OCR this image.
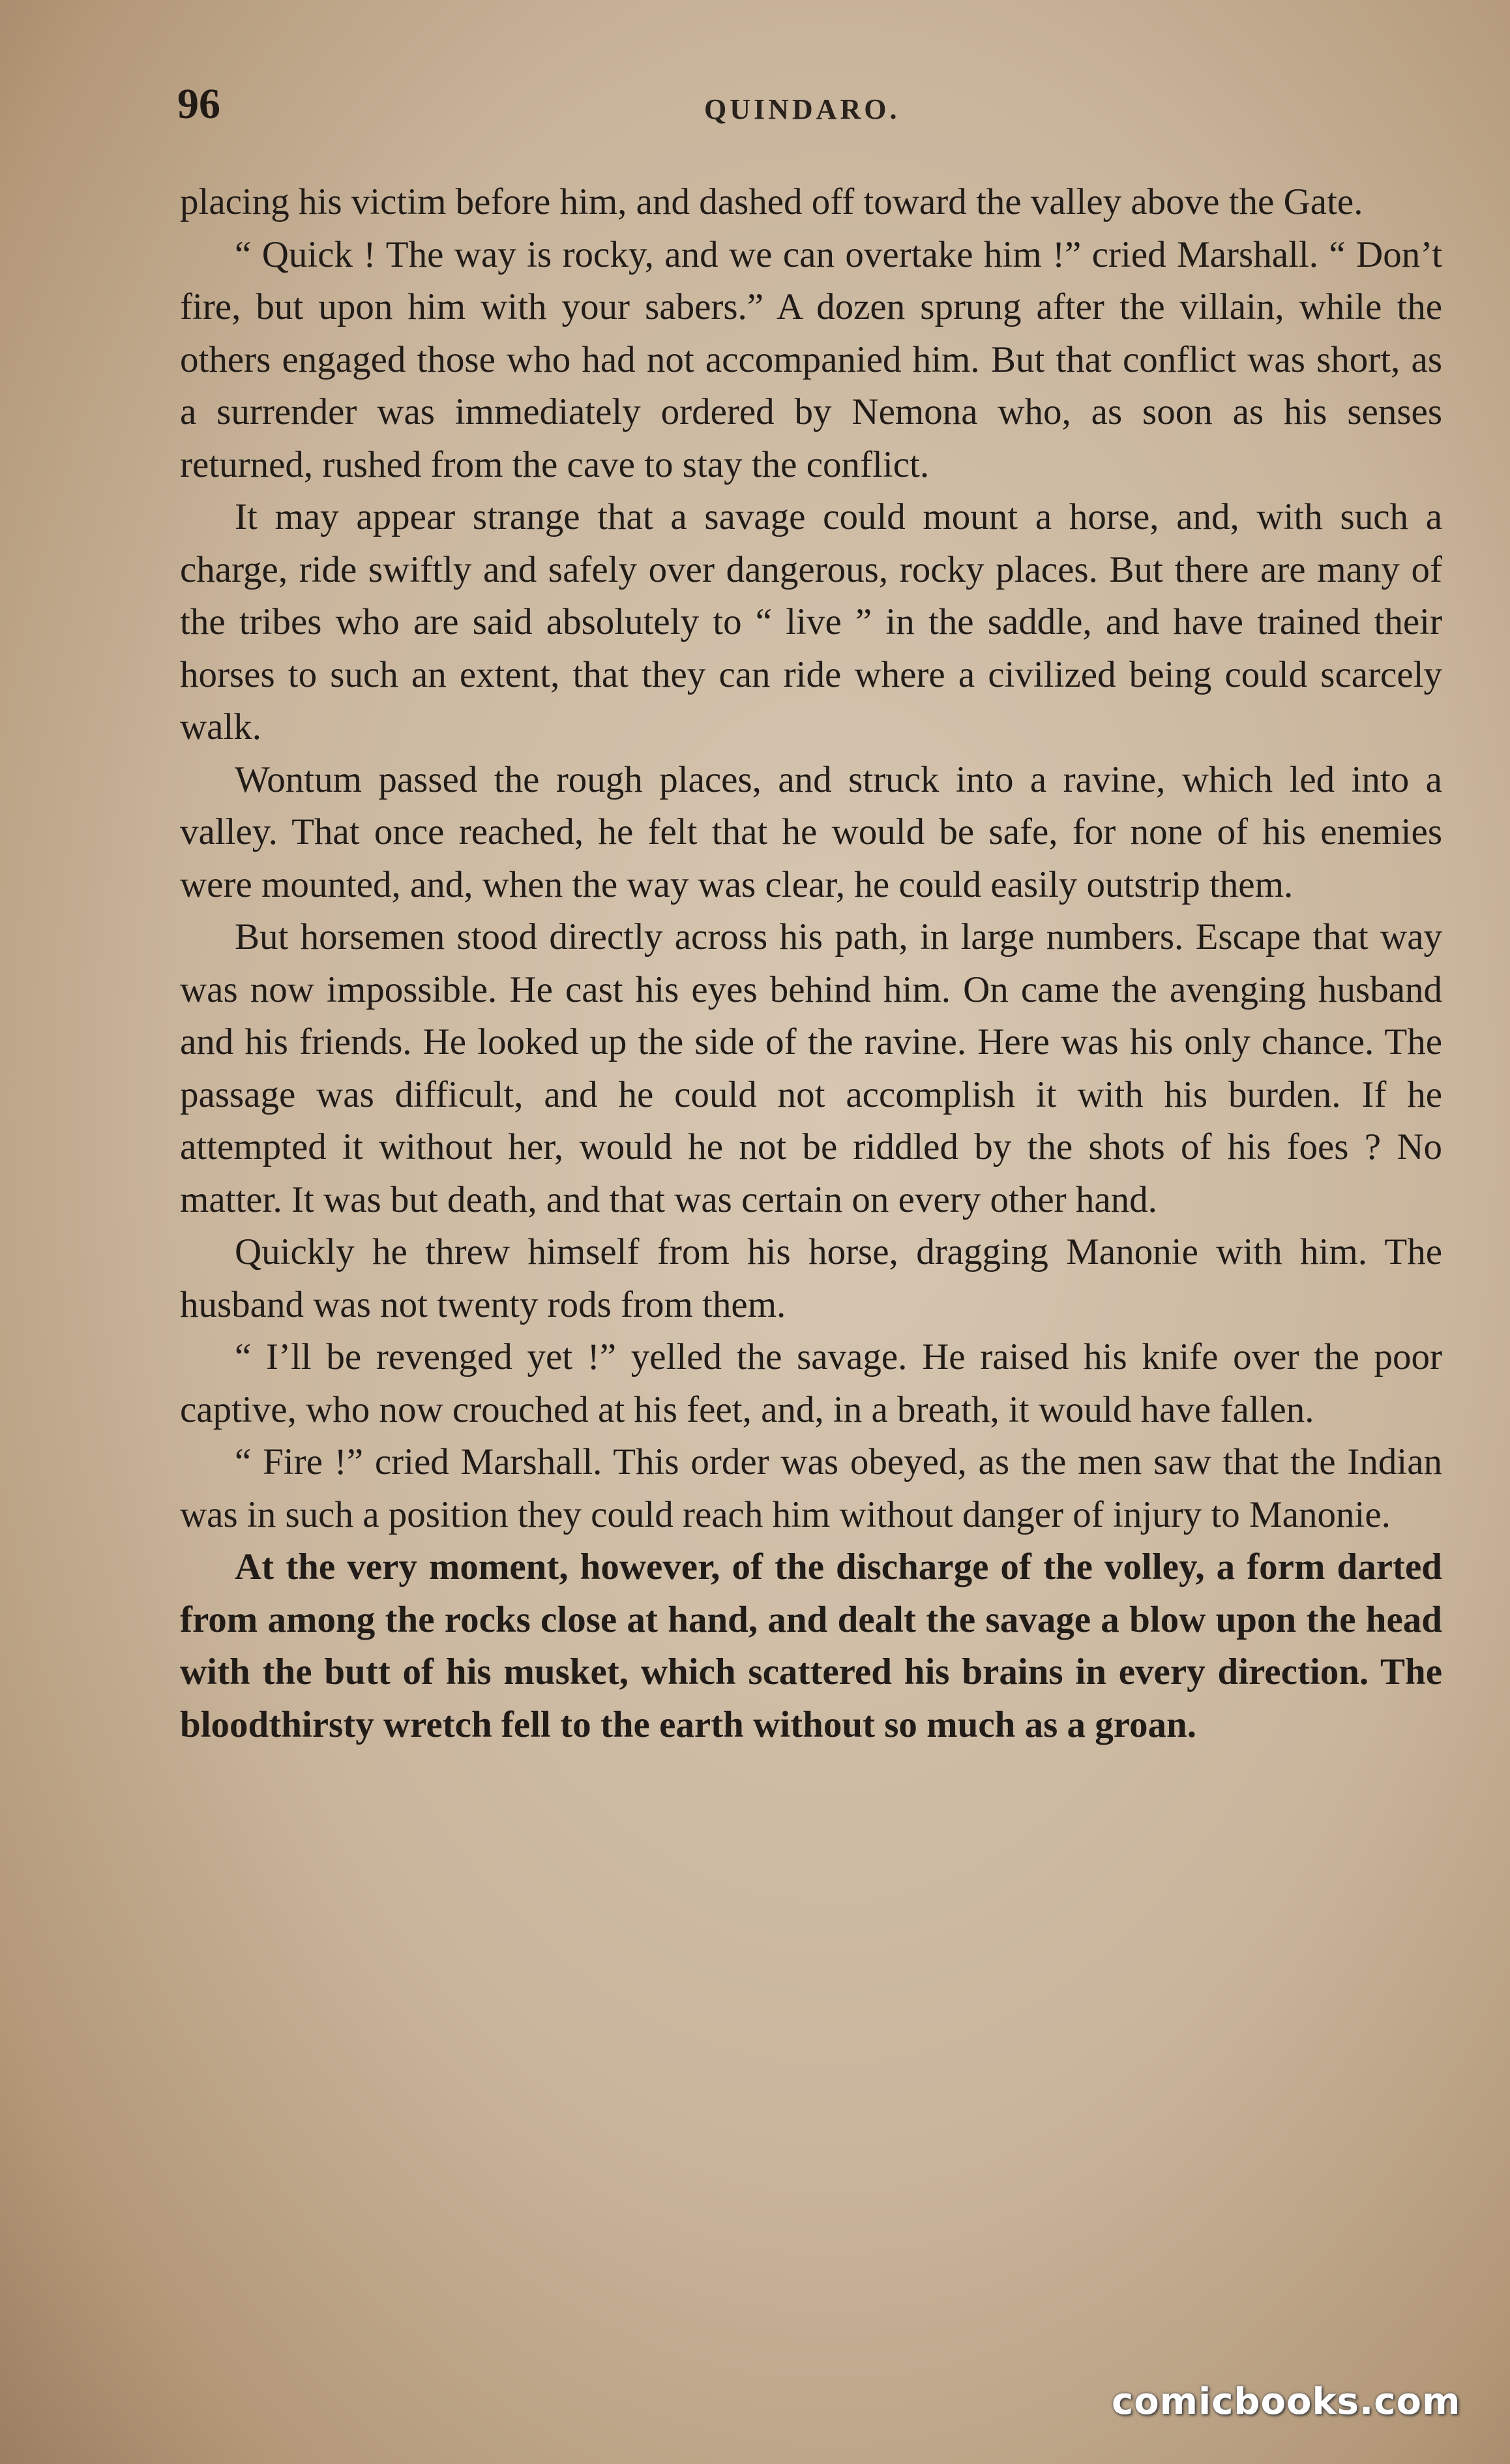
96	QUINDARO.

placing his victim before him, and dashed off toward the valley above the Gate.

“ Quick ! The way is rocky, and we can overtake him !” cried Marshall. “ Don’t fire, but upon him with your sabers.” A dozen sprung after the villain, while the others engaged those who had not accompanied him. But that conflict was short, as a surrender was immediately ordered by Nemona who, as soon as his senses returned, rushed from the cave to stay the conflict.

It may appear strange that a savage could mount a horse, and, with such a charge, ride swiftly and safely over dangerous, rocky places. But there are many of the tribes who are said absolutely to “ live ” in the saddle, and have trained their horses to such an extent, that they can ride where a civilized being could scarcely walk.

Wontum passed the rough places, and struck into a ravine, which led into a valley. That once reached, he felt that he would be safe, for none of his enemies were mounted, and, when the way was clear, he could easily outstrip them.

But horsemen stood directly across his path, in large numbers. Escape that way was now impossible. He cast his eyes behind him. On came the avenging husband and his friends. He looked up the side of the ravine. Here was his only chance. The passage was difficult, and he could not accomplish it with his burden. If he attempted it without her, would he not be riddled by the shots of his foes ? No matter. It was but death, and that was certain on every other hand.

Quickly he threw himself from his horse, dragging Manonie with him. The husband was not twenty rods from them.

“ I’ll be revenged yet !” yelled the savage. He raised his knife over the poor captive, who now crouched at his feet, and, in a breath, it would have fallen.

“ Fire !” cried Marshall. This order was obeyed, as the men saw that the Indian was in such a position they could reach him without danger of injury to Manonie.

At the very moment, however, of the discharge of the volley, a form darted from among the rocks close at hand, and dealt the savage a blow upon the head with the butt of his musket, which scattered his brains in every direction. The bloodthirsty wretch fell to the earth without so much as a groan.

comicbooks.com
